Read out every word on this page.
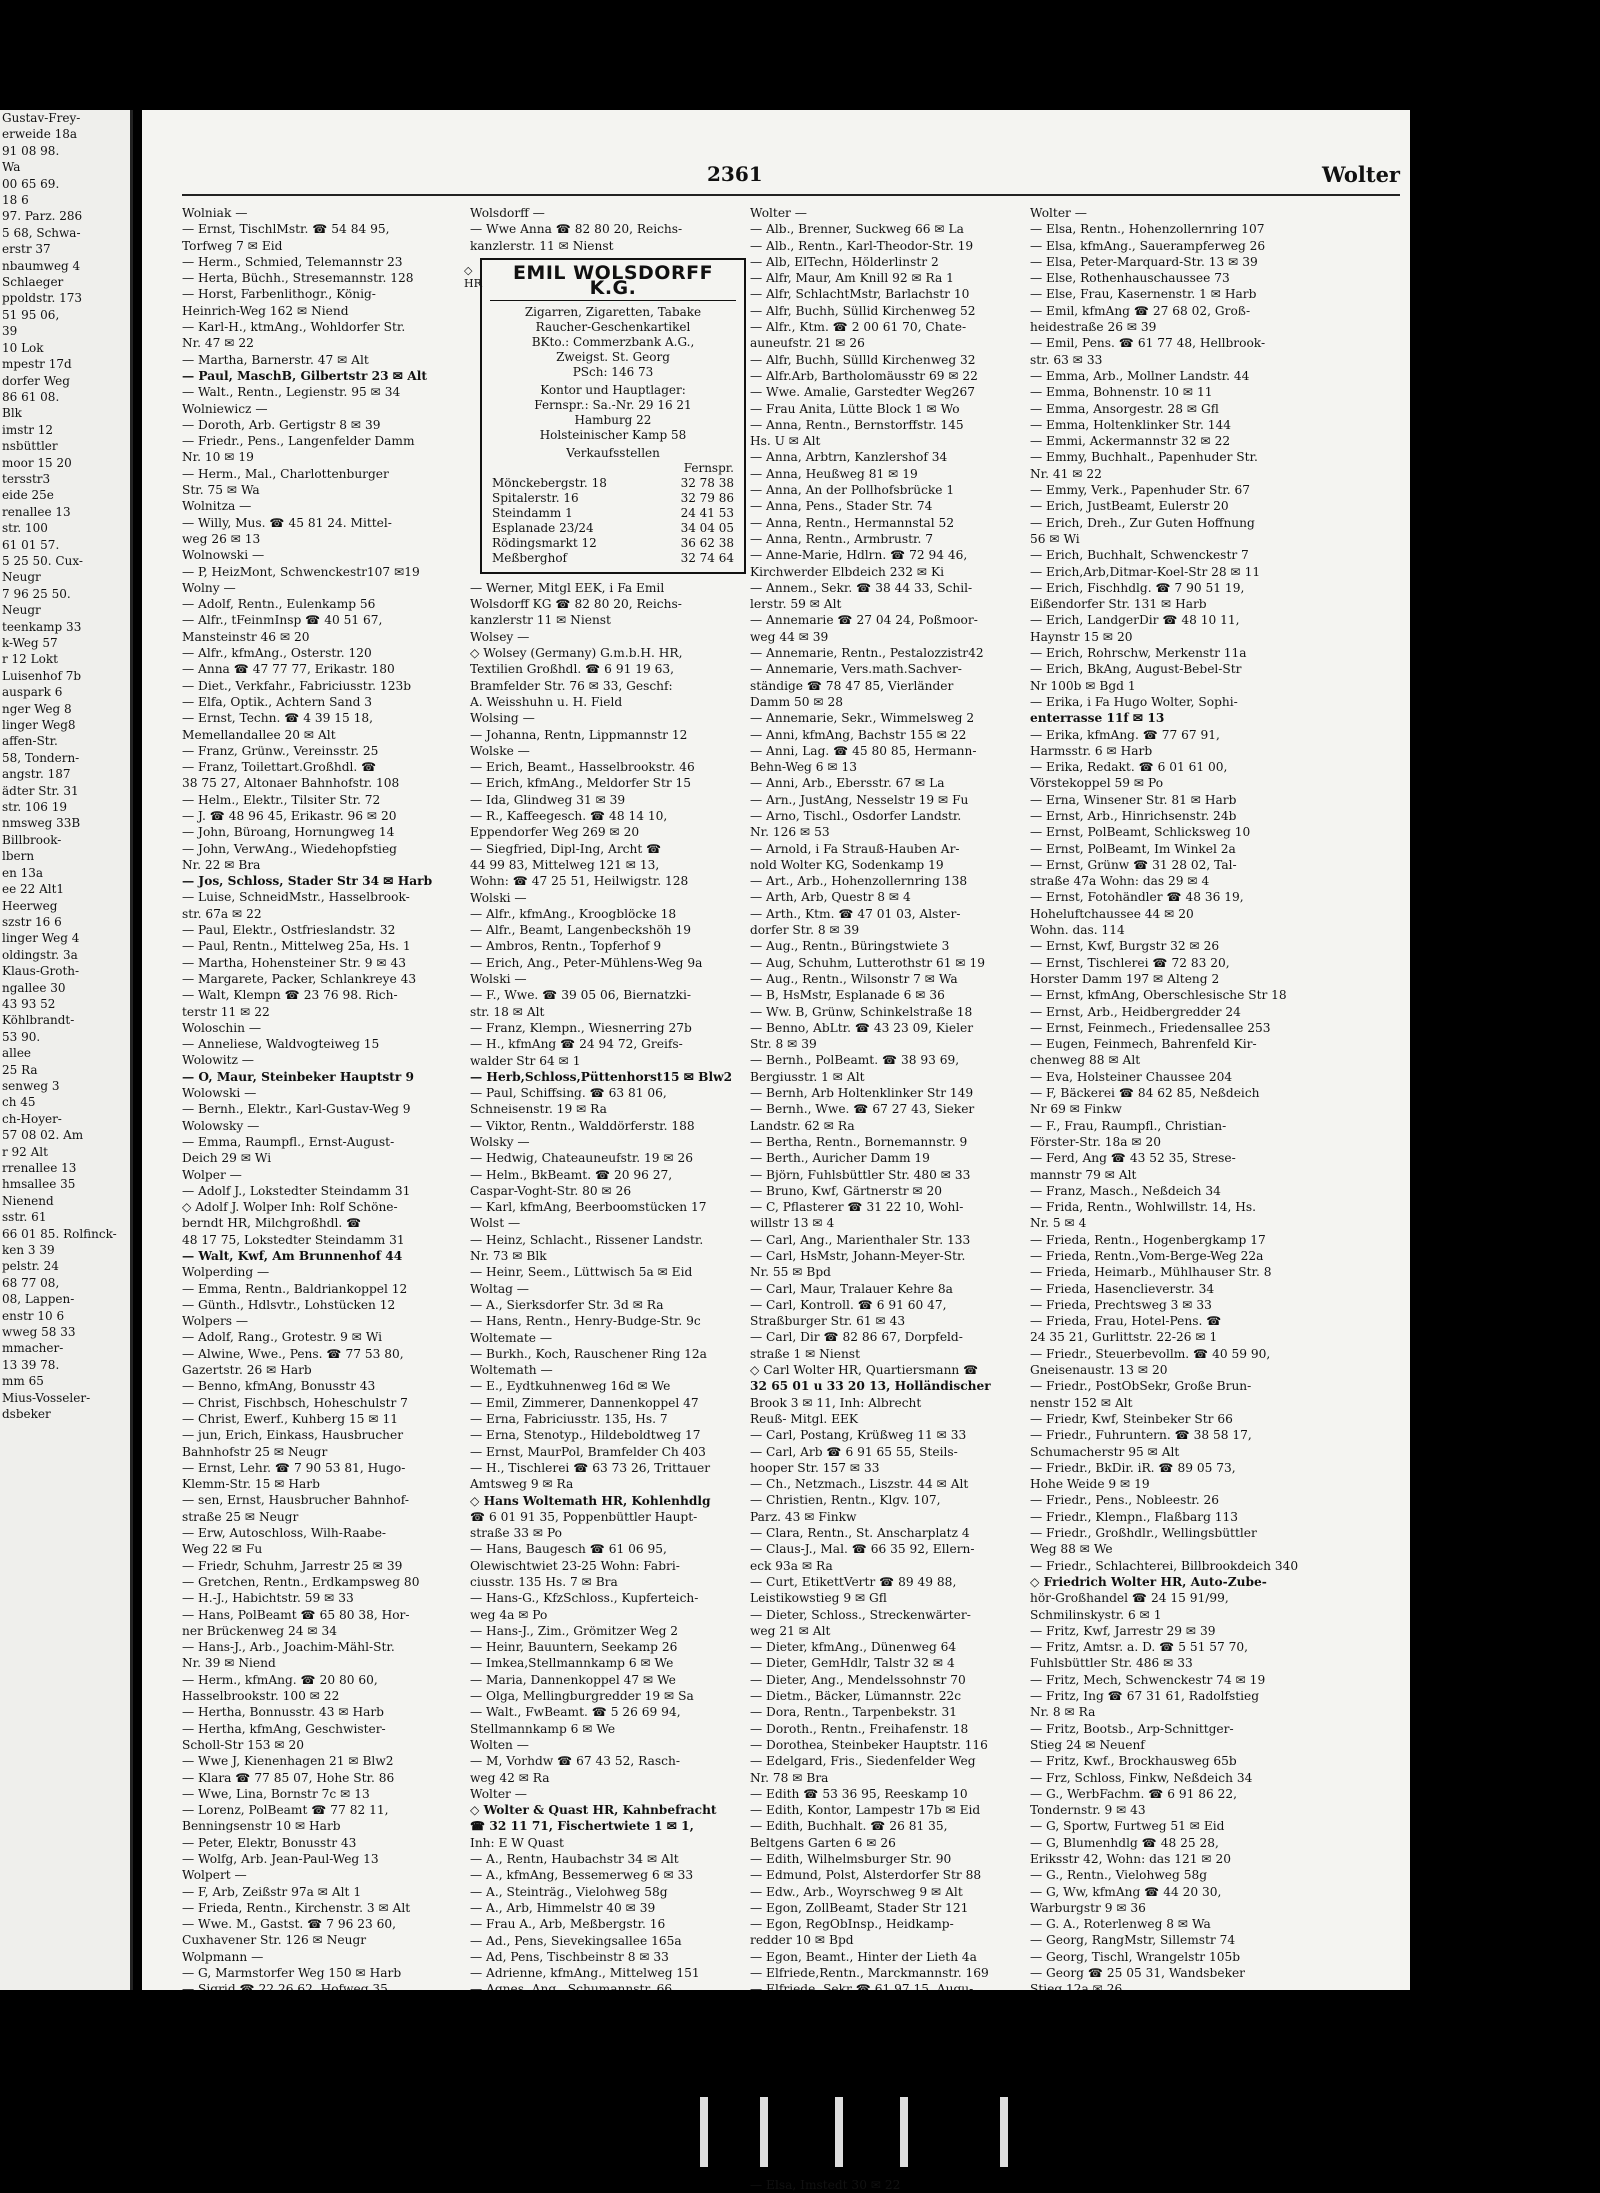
Gustav-Frey-
erweide 18a
91 08 98.
Wa
00 65 69.
18 6
97. Parz. 286
5 68, Schwa-
erstr 37
nbaumweg 4
Schlaeger
ppoldstr. 173
51 95 06,
39
10 Lok
mpestr 17d
dorfer Weg
86 61 08.
Blk
imstr 12
nsbüttler
moor 15 20
tersstr3
eide 25e
renallee 13
str. 100
61 01 57.
5 25 50. Cux-
Neugr
7 96 25 50.
Neugr
teenkamp 33
k-Weg 57
r 12 Lokt
Luisenhof 7b
auspark 6
nger Weg 8
linger Weg8
affen-Str.
58, Tondern-
angstr. 187
ädter Str. 31
str. 106 19
nmsweg 33B
Billbrook-
lbern
en 13a
ee 22 Alt1
Heerweg
szstr 16 6
linger Weg 4
oldingstr. 3a
Klaus-Groth-
ngallee 30
43 93 52
Köhlbrandt-
53 90.
allee
25 Ra
senweg 3
ch 45
ch-Hoyer-
57 08 02. Am
r 92 Alt
rrenallee 13
hmsallee 35
Nienend
sstr. 61
66 01 85. Rolfinck-
ken 3 39
pelstr. 24
68 77 08,
08, Lappen-
enstr 10 6
wweg 58 33
mmacher-
13 39 78.
mm 65
Mius-Vosseler-
dsbeker
2361	Wolter
Wolniak —
— Ernst, TischlMstr. ☎ 54 84 95,
Torfweg 7 ✉ Eid
— Herm., Schmied, Telemannstr 23
— Herta, Büchh., Stresemannstr. 128
— Horst, Farbenlithogr., König-
Heinrich-Weg 162 ✉ Niend
— Karl-H., ktmAng., Wohldorfer Str.
Nr. 47 ✉ 22
— Martha, Barnerstr. 47 ✉ Alt
— Paul, MaschB, Gilbertstr 23 ✉ Alt
— Walt., Rentn., Legienstr. 95 ✉ 34
Wolniewicz —
— Doroth, Arb. Gertigstr 8 ✉ 39
— Friedr., Pens., Langenfelder Damm
Nr. 10 ✉ 19
— Herm., Mal., Charlottenburger
Str. 75 ✉ Wa
Wolnitza —
— Willy, Mus. ☎ 45 81 24. Mittel-
weg 26 ✉ 13
Wolnowski —
— P, HeizMont, Schwenckestr107 ✉19
Wolny —
— Adolf, Rentn., Eulenkamp 56
— Alfr., tFeinmInsp ☎ 40 51 67,
Mansteinstr 46 ✉ 20
— Alfr., kfmAng., Osterstr. 120
— Anna ☎ 47 77 77, Erikastr. 180
— Diet., Verkfahr., Fabriciusstr. 123b
— Elfa, Optik., Achtern Sand 3
— Ernst, Techn. ☎ 4 39 15 18,
Memellandallee 20 ✉ Alt
— Franz, Grünw., Vereinsstr. 25
— Franz, Toilettart.Großhdl. ☎
38 75 27, Altonaer Bahnhofstr. 108
— Helm., Elektr., Tilsiter Str. 72
— J. ☎ 48 96 45, Erikastr. 96 ✉ 20
— John, Büroang, Hornungweg 14
— John, VerwAng., Wiedehopfstieg
Nr. 22 ✉ Bra
— Jos, Schloss, Stader Str 34 ✉ Harb
— Luise, SchneidMstr., Hasselbrook-
str. 67a ✉ 22
— Paul, Elektr., Ostfrieslandstr. 32
— Paul, Rentn., Mittelweg 25a, Hs. 1
— Martha, Hohensteiner Str. 9 ✉ 43
— Margarete, Packer, Schlankreye 43
— Walt, Klempn ☎ 23 76 98. Rich-
terstr 11 ✉ 22
Woloschin —
— Anneliese, Waldvogteiweg 15
Wolowitz —
— O, Maur, Steinbeker Hauptstr 9
Wolowski —
— Bernh., Elektr., Karl-Gustav-Weg 9
Wolowsky —
— Emma, Raumpfl., Ernst-August-
Deich 29 ✉ Wi
Wolper —
— Adolf J., Lokstedter Steindamm 31
◇ Adolf J. Wolper Inh: Rolf Schöne-
berndt HR, Milchgroßhdl. ☎
48 17 75, Lokstedter Steindamm 31
— Walt, Kwf, Am Brunnenhof 44
Wolperding —
— Emma, Rentn., Baldriankoppel 12
— Günth., Hdlsvtr., Lohstücken 12
Wolpers —
— Adolf, Rang., Grotestr. 9 ✉ Wi
— Alwine, Wwe., Pens. ☎ 77 53 80,
Gazertstr. 26 ✉ Harb
— Benno, kfmAng, Bonusstr 43
— Christ, Fischbsch, Hoheschulstr 7
— Christ, Ewerf., Kuhberg 15 ✉ 11
— jun, Erich, Einkass, Hausbrucher
Bahnhofstr 25 ✉ Neugr
— Ernst, Lehr. ☎ 7 90 53 81, Hugo-
Klemm-Str. 15 ✉ Harb
— sen, Ernst, Hausbrucher Bahnhof-
straße 25 ✉ Neugr
— Erw, Autoschloss, Wilh-Raabe-
Weg 22 ✉ Fu
— Friedr, Schuhm, Jarrestr 25 ✉ 39
— Gretchen, Rentn., Erdkampsweg 80
— H.-J., Habichtstr. 59 ✉ 33
— Hans, PolBeamt ☎ 65 80 38, Hor-
ner Brückenweg 24 ✉ 34
— Hans-J., Arb., Joachim-Mähl-Str.
Nr. 39 ✉ Niend
— Herm., kfmAng. ☎ 20 80 60,
Hasselbrookstr. 100 ✉ 22
— Hertha, Bonnusstr. 43 ✉ Harb
— Hertha, kfmAng, Geschwister-
Scholl-Str 153 ✉ 20
— Wwe J, Kienenhagen 21 ✉ Blw2
— Klara ☎ 77 85 07, Hohe Str. 86
— Wwe, Lina, Bornstr 7c ✉ 13
— Lorenz, PolBeamt ☎ 77 82 11,
Benningsenstr 10 ✉ Harb
— Peter, Elektr, Bonusstr 43
— Wolfg, Arb. Jean-Paul-Weg 13
Wolpert —
— F, Arb, Zeißstr 97a ✉ Alt 1
— Frieda, Rentn., Kirchenstr. 3 ✉ Alt
— Wwe. M., Gastst. ☎ 7 96 23 60,
Cuxhavener Str. 126 ✉ Neugr
Wolpmann —
— G, Marmstorfer Weg 150 ✉ Harb
Wolsdorff —
— Wwe Anna ☎ 82 80 20, Reichs-
kanzlerstr. 11 ✉ Nienst
◇ HR	EMIL WOLSDORFF K.G.
Zigarren, Zigaretten, Tabake
Raucher-Geschenkartikel
BKto.: Commerzbank A.G.,
Zweigst. St. Georg
PSch: 146 73
Kontor und Hauptlager:
Fernspr.: Sa.-Nr. 29 16 21
Hamburg 22
Holsteinischer Kamp 58
Verkaufsstellen
Fernspr.
Mönckebergstr. 18	32 78 38
Spitalerstr. 16	32 79 86
Steindamm 1	24 41 53
Esplanade 23/24	34 04 05
Rödingsmarkt 12	36 62 38
Meßberghof	32 74 64
— Werner, Mitgl EEK, i Fa Emil
Wolsdorff KG ☎ 82 80 20, Reichs-
kanzlerstr 11 ✉ Nienst
Wolsey —
◇ Wolsey (Germany) G.m.b.H. HR,
Textilien Großhdl. ☎ 6 91 19 63,
Bramfelder Str. 76 ✉ 33, Geschf:
A. Weisshuhn u. H. Field
Wolsing —
— Johanna, Rentn, Lippmannstr 12
Wolske —
— Erich, Beamt., Hasselbrookstr. 46
— Erich, kfmAng., Meldorfer Str 15
— Ida, Glindweg 31 ✉ 39
— R., Kaffeegesch. ☎ 48 14 10,
Eppendorfer Weg 269 ✉ 20
— Siegfried, Dipl-Ing, Archt ☎
44 99 83, Mittelweg 121 ✉ 13,
Wohn: ☎ 47 25 51, Heilwigstr. 128
Wolski —
— Alfr., kfmAng., Kroogblöcke 18
— Alfr., Beamt, Langenbeckshöh 19
— Ambros, Rentn., Topferhof 9
— Erich, Ang., Peter-Mühlens-Weg 9a
Wolski —
— F., Wwe. ☎ 39 05 06, Biernatzki-
str. 18 ✉ Alt
— Franz, Klempn., Wiesnerring 27b
— H., kfmAng ☎ 24 94 72, Greifs-
walder Str 64 ✉ 1
— Herb,Schloss,Püttenhorst15 ✉ Blw2
— Paul, Schiffsing. ☎ 63 81 06,
Schneisenstr. 19 ✉ Ra
— Viktor, Rentn., Walddörferstr. 188
Wolsky —
— Hedwig, Chateauneufstr. 19 ✉ 26
— Helm., BkBeamt. ☎ 20 96 27,
Caspar-Voght-Str. 80 ✉ 26
— Karl, kfmAng, Beerboomstücken 17
Wolst —
— Heinz, Schlacht., Rissener Landstr.
Nr. 73 ✉ Blk
— Heinr, Seem., Lüttwisch 5a ✉ Eid
Woltag —
— A., Sierksdorfer Str. 3d ✉ Ra
— Hans, Rentn., Henry-Budge-Str. 9c
Woltemate —
— Burkh., Koch, Rauschener Ring 12a
Woltemath —
— E., Eydtkuhnenweg 16d ✉ We
— Emil, Zimmerer, Dannenkoppel 47
— Erna, Fabriciusstr. 135, Hs. 7
— Erna, Stenotyp., Hildeboldtweg 17
— Ernst, MaurPol, Bramfelder Ch 403
— H., Tischlerei ☎ 63 73 26, Trittauer
Amtsweg 9 ✉ Ra
◇ Hans Woltemath HR, Kohlenhdlg
☎ 6 01 91 35, Poppenbüttler Haupt-
straße 33 ✉ Po
— Hans, Baugesch ☎ 61 06 95,
Olewischtwiet 23-25 Wohn: Fabri-
ciusstr. 135 Hs. 7 ✉ Bra
— Hans-G., KfzSchloss., Kupferteich-
weg 4a ✉ Po
— Hans-J., Zim., Grömitzer Weg 2
— Heinr, Bauuntern, Seekamp 26
— Imkea,Stellmannkamp 6 ✉ We
— Maria, Dannenkoppel 47 ✉ We
— Olga, Mellingburgredder 19 ✉ Sa
— Walt., FwBeamt. ☎ 5 26 69 94,
Stellmannkamp 6 ✉ We
Wolten —
— M, Vorhdw ☎ 67 43 52, Rasch-
weg 42 ✉ Ra
Wolter —
◇ Wolter & Quast HR, Kahnbefracht
☎ 32 11 71, Fischertwiete 1 ✉ 1,
Inh: E W Quast
— A., Rentn, Haubachstr 34 ✉ Alt
— A., kfmAng, Bessemerweg 6 ✉ 33
— A., Steinträg., Vielohweg 58g
— A., Arb, Himmelstr 40 ✉ 39
— Frau A., Arb, Meßbergstr. 16
— Ad., Pens, Sievekingsallee 165a
— Ad, Pens, Tischbeinstr 8 ✉ 33
— Adrienne, kfmAng., Mittelweg 151
Wolter —
— Alb., Brenner, Suckweg 66 ✉ La
— Alb., Rentn., Karl-Theodor-Str. 19
— Alb, ElTechn, Hölderlinstr 2
— Alfr, Maur, Am Knill 92 ✉ Ra 1
— Alfr, SchlachtMstr, Barlachstr 10
— Alfr, Buchh, Süllid Kirchenweg 52
— Alfr., Ktm. ☎ 2 00 61 70, Chate-
auneufstr. 21 ✉ 26
— Alfr, Buchh, Süllld Kirchenweg 32
— Alfr.Arb, Bartholomäusstr 69 ✉ 22
— Wwe. Amalie, Garstedter Weg267
— Frau Anita, Lütte Block 1 ✉ Wo
— Anna, Rentn., Bernstorffstr. 145
Hs. U ✉ Alt
— Anna, Arbtrn, Kanzlershof 34
— Anna, Heußweg 81 ✉ 19
— Anna, An der Pollhofsbrücke 1
— Anna, Pens., Stader Str. 74
— Anna, Rentn., Hermannstal 52
— Anna, Rentn., Armbrustr. 7
— Anne-Marie, Hdlrn. ☎ 72 94 46,
Kirchwerder Elbdeich 232 ✉ Ki
— Annem., Sekr. ☎ 38 44 33, Schil-
lerstr. 59 ✉ Alt
— Annemarie ☎ 27 04 24, Poßmoor-
weg 44 ✉ 39
— Annemarie, Rentn., Pestalozzistr42
— Annemarie, Vers.math.Sachver-
ständige ☎ 78 47 85, Vierländer
Damm 50 ✉ 28
— Annemarie, Sekr., Wimmelsweg 2
— Anni, kfmAng, Bachstr 155 ✉ 22
— Anni, Lag. ☎ 45 80 85, Hermann-
Behn-Weg 6 ✉ 13
— Anni, Arb., Ebersstr. 67 ✉ La
— Arn., JustAng, Nesselstr 19 ✉ Fu
— Arno, Tischl., Osdorfer Landstr.
Nr. 126 ✉ 53
— Arnold, i Fa Strauß-Hauben Ar-
nold Wolter KG, Sodenkamp 19
— Art., Arb., Hohenzollernring 138
— Arth, Arb, Questr 8 ✉ 4
— Arth., Ktm. ☎ 47 01 03, Alster-
dorfer Str. 8 ✉ 39
— Aug., Rentn., Büringstwiete 3
— Aug, Schuhm, Lutterothstr 61 ✉ 19
— Aug., Rentn., Wilsonstr 7 ✉ Wa
— B, HsMstr, Esplanade 6 ✉ 36
— Ww. B, Grünw, Schinkelstraße 18
— Benno, AbLtr. ☎ 43 23 09, Kieler
Str. 8 ✉ 39
— Bernh., PolBeamt. ☎ 38 93 69,
Bergiusstr. 1 ✉ Alt
— Bernh, Arb Holtenklinker Str 149
— Bernh., Wwe. ☎ 67 27 43, Sieker
Landstr. 62 ✉ Ra
— Bertha, Rentn., Bornemannstr. 9
— Berth., Auricher Damm 19
— Björn, Fuhlsbüttler Str. 480 ✉ 33
— Bruno, Kwf, Gärtnerstr ✉ 20
— C, Pflasterer ☎ 31 22 10, Wohl-
willstr 13 ✉ 4
— Carl, Ang., Marienthaler Str. 133
— Carl, HsMstr, Johann-Meyer-Str.
Nr. 55 ✉ Bpd
— Carl, Maur, Tralauer Kehre 8a
— Carl, Kontroll. ☎ 6 91 60 47,
Straßburger Str. 61 ✉ 43
— Carl, Dir ☎ 82 86 67, Dorpfeld-
straße 1 ✉ Nienst
◇ Carl Wolter HR, Quartiersmann ☎
32 65 01 u 33 20 13, Holländischer
Brook 3 ✉ 11, Inh: Albrecht
Reuß- Mitgl. EEK
— Carl, Postang, Krüßweg 11 ✉ 33
— Carl, Arb ☎ 6 91 65 55, Steils-
hooper Str. 157 ✉ 33
— Ch., Netzmach., Liszstr. 44 ✉ Alt
— Christien, Rentn., Klgv. 107,
Parz. 43 ✉ Finkw
— Clara, Rentn., St. Anscharplatz 4
— Claus-J., Mal. ☎ 66 35 92, Ellern-
eck 93a ✉ Ra
— Curt, EtikettVertr ☎ 89 49 88,
Leistikowstieg 9 ✉ Gfl
— Dieter, Schloss., Streckenwärter-
weg 21 ✉ Alt
— Dieter, kfmAng., Dünenweg 64
— Dieter, GemHdlr, Talstr 32 ✉ 4
— Dieter, Ang., Mendelssohnstr 70
— Dietm., Bäcker, Lümannstr. 22c
— Dora, Rentn., Tarpenbekstr. 31
— Doroth., Rentn., Freihafenstr. 18
— Dorothea, Steinbeker Hauptstr. 116
— Edelgard, Fris., Siedenfelder Weg
Nr. 78 ✉ Bra
— Edith ☎ 53 36 95, Reeskamp 10
— Edith, Kontor, Lampestr 17b ✉ Eid
— Edith, Buchhalt. ☎ 26 81 35,
Beltgens Garten 6 ✉ 26
— Edith, Wilhelmsburger Str. 90
— Edmund, Polst, Alsterdorfer Str 88
— Edw., Arb., Woyrschweg 9 ✉ Alt
— Egon, ZollBeamt, Stader Str 121
— Egon, RegObInsp., Heidkamp-
redder 10 ✉ Bpd
— Egon, Beamt., Hinter der Lieth 4a
— Elfriede,Rentn., Marckmannstr. 169
— Elsa, Imstedt 30 ✉ 22
Wolter —
— Elsa, Rentn., Hohenzollernring 107
— Elsa, kfmAng., Sauerampferweg 26
— Elsa, Peter-Marquard-Str. 13 ✉ 39
— Else, Rothenhauschaussee 73
— Else, Frau, Kasernenstr. 1 ✉ Harb
— Emil, kfmAng ☎ 27 68 02, Groß-
heidestraße 26 ✉ 39
— Emil, Pens. ☎ 61 77 48, Hellbrook-
str. 63 ✉ 33
— Emma, Arb., Mollner Landstr. 44
— Emma, Bohnenstr. 10 ✉ 11
— Emma, Ansorgestr. 28 ✉ Gfl
— Emma, Holtenklinker Str. 144
— Emmi, Ackermannstr 32 ✉ 22
— Emmy, Buchhalt., Papenhuder Str.
Nr. 41 ✉ 22
— Emmy, Verk., Papenhuder Str. 67
— Erich, JustBeamt, Eulerstr 20
— Erich, Dreh., Zur Guten Hoffnung
56 ✉ Wi
— Erich, Buchhalt, Schwenckestr 7
— Erich,Arb,Ditmar-Koel-Str 28 ✉ 11
— Erich, Fischhdlg. ☎ 7 90 51 19,
Eißendorfer Str. 131 ✉ Harb
— Erich, LandgerDir ☎ 48 10 11,
Haynstr 15 ✉ 20
— Erich, Rohrschw, Merkenstr 11a
— Erich, BkAng, August-Bebel-Str
Nr 100b ✉ Bgd 1
— Erika, i Fa Hugo Wolter, Sophi-
enterrasse 11f ✉ 13
— Erika, kfmAng. ☎ 77 67 91,
Harmsstr. 6 ✉ Harb
— Erika, Redakt. ☎ 6 01 61 00,
Vörstekoppel 59 ✉ Po
— Erna, Winsener Str. 81 ✉ Harb
— Ernst, Arb., Hinrichsenstr. 24b
— Ernst, PolBeamt, Schlicksweg 10
— Ernst, PolBeamt, Im Winkel 2a
— Ernst, Grünw ☎ 31 28 02, Tal-
straße 47a Wohn: das 29 ✉ 4
— Ernst, Fotohändler ☎ 48 36 19,
Hoheluftchaussee 44 ✉ 20
Wohn. das. 114
— Ernst, Kwf, Burgstr 32 ✉ 26
— Ernst, Tischlerei ☎ 72 83 20,
Horster Damm 197 ✉ Alteng 2
— Ernst, kfmAng, Oberschlesische Str 18
— Ernst, Arb., Heidbergredder 24
— Ernst, Feinmech., Friedensallee 253
— Eugen, Feinmech, Bahrenfeld Kir-
chenweg 88 ✉ Alt
— Eva, Holsteiner Chaussee 204
— F, Bäckerei ☎ 84 62 85, Neßdeich
Nr 69 ✉ Finkw
— F., Frau, Raumpfl., Christian-
Förster-Str. 18a ✉ 20
— Ferd, Ang ☎ 43 52 35, Strese-
mannstr 79 ✉ Alt
— Franz, Masch., Neßdeich 34
— Frida, Rentn., Wohlwillstr. 14, Hs.
Nr. 5 ✉ 4
— Frieda, Rentn., Hogenbergkamp 17
— Frieda, Rentn.,Vom-Berge-Weg 22a
— Frieda, Heimarb., Mühlhauser Str. 8
— Frieda, Hasenclieverstr. 34
— Frieda, Prechtsweg 3 ✉ 33
— Frieda, Frau, Hotel-Pens. ☎
24 35 21, Gurlittstr. 22-26 ✉ 1
— Friedr., Steuerbevollm. ☎ 40 59 90,
Gneisenaustr. 13 ✉ 20
— Friedr., PostObSekr, Große Brun-
nenstr 152 ✉ Alt
— Friedr, Kwf, Steinbeker Str 66
— Friedr., Fuhruntern. ☎ 38 58 17,
Schumacherstr 95 ✉ Alt
— Friedr., BkDir. iR. ☎ 89 05 73,
Hohe Weide 9 ✉ 19
— Friedr., Pens., Nobleestr. 26
— Friedr., Klempn., Flaßbarg 113
— Friedr., Großhdlr., Wellingsbüttler
Weg 88 ✉ We
— Friedr., Schlachterei, Billbrookdeich 340
◇ Friedrich Wolter HR, Auto-Zube-
hör-Großhandel ☎ 24 15 91/99,
Schmilinskystr. 6 ✉ 1
— Fritz, Kwf, Jarrestr 29 ✉ 39
— Fritz, Amtsr. a. D. ☎ 5 51 57 70,
Fuhlsbüttler Str. 486 ✉ 33
— Fritz, Mech, Schwenckestr 74 ✉ 19
— Fritz, Ing ☎ 67 31 61, Radolfstieg
Nr. 8 ✉ Ra
— Fritz, Bootsb., Arp-Schnittger-
Stieg 24 ✉ Neuenf
— Fritz, Kwf., Brockhausweg 65b
— Frz, Schloss, Finkw, Neßdeich 34
— G., WerbFachm. ☎ 6 91 86 22,
Tondernstr. 9 ✉ 43
— G, Sportw, Furtweg 51 ✉ Eid
— G, Blumenhdlg ☎ 48 25 28,
Eriksstr 42, Wohn: das 121 ✉ 20
— G., Rentn., Vielohweg 58g
— G, Ww, kfmAng ☎ 44 20 30,
Warburgstr 9 ✉ 36
— G. A., Roterlenweg 8 ✉ Wa
— Georg, RangMstr, Sillemstr 74
— Georg, Tischl, Wrangelstr 105b
— Georg ☎ 25 05 31, Wandsbeker
